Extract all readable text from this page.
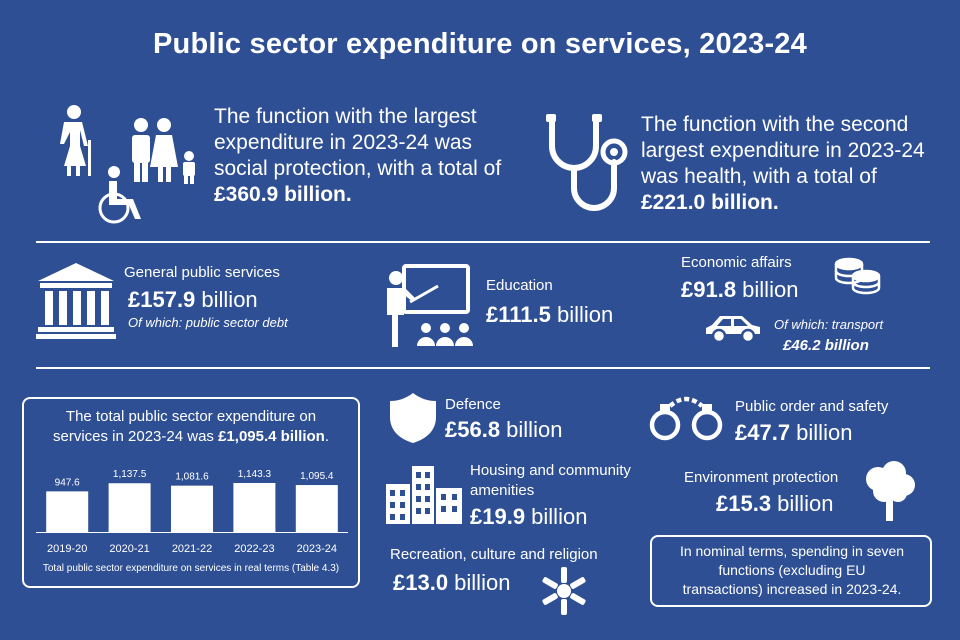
Public sector expenditure on services, 2023-24
The function with the largest
expenditure in 2023-24 was
social protection, with a total of
£360.9 billion.
The function with the second
largest expenditure in 2023-24
was health, with a total of
£221.0 billion.
General public services
£157.9 billion
Of which: public sector debt
Education
£111.5 billion
Economic affairs
£91.8 billion
Of which: transport
£46.2 billion
The total public sector expenditure on
services in 2023-24 was £1,095.4 billion.
947.6
2019-20
1,137.5
2020-21
1,081.6
2021-22
1,143.3
2022-23
1,095.4
2023-24
Total public sector expenditure on services in real terms (Table 4.3)
Defence
£56.8 billion
Public order and safety
£47.7 billion
Housing and community
amenities
£19.9 billion
Environment protection
£15.3 billion
Recreation, culture and religion
£13.0 billion
In nominal terms, spending in seven
functions (excluding EU
transactions) increased in 2023-24.
